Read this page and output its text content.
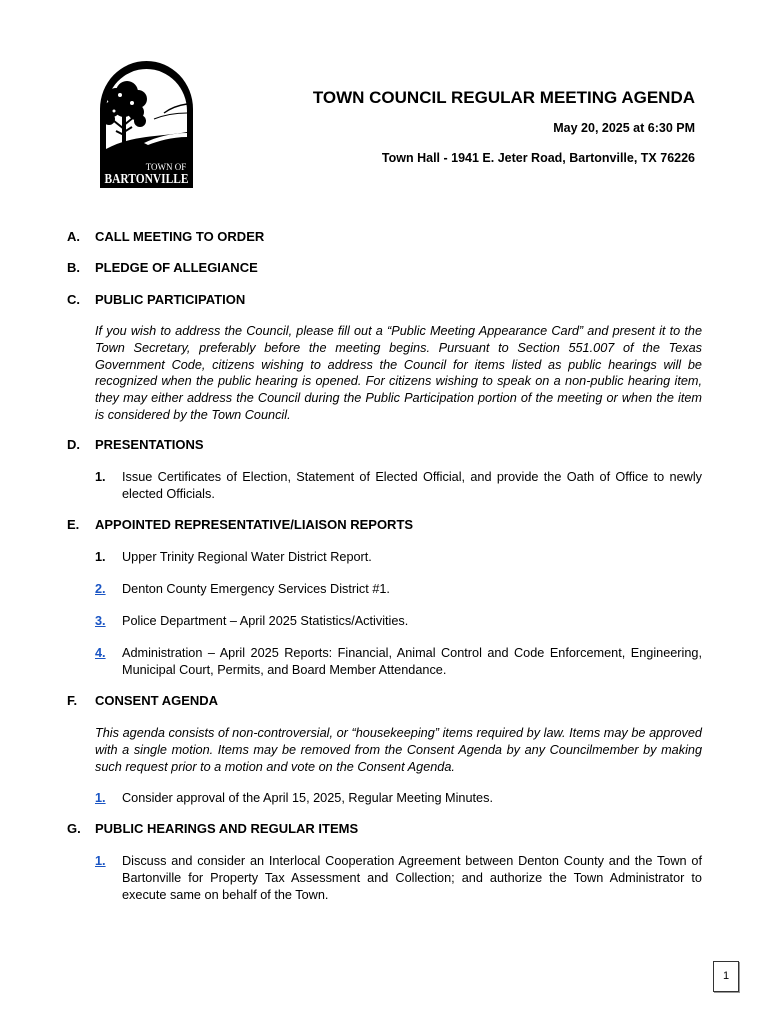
TOWN OF
BARTONVILLE
TOWN COUNCIL REGULAR MEETING AGENDA
May 20, 2025 at 6:30 PM
Town Hall - 1941 E. Jeter Road, Bartonville, TX 76226
A. CALL MEETING TO ORDER
B. PLEDGE OF ALLEGIANCE
C. PUBLIC PARTICIPATION

If you wish to address the Council, please fill out a “Public Meeting Appearance Card” and present it to the Town Secretary, preferably before the meeting begins. Pursuant to Section 551.007 of the Texas Government Code, citizens wishing to address the Council for items listed as public hearings will be recognized when the public hearing is opened. For citizens wishing to speak on a non-public hearing item, they may either address the Council during the Public Participation portion of the meeting or when the item is considered by the Town Council.

D. PRESENTATIONS
1. Issue Certificates of Election, Statement of Elected Official, and provide the Oath of Office to newly elected Officials.
E. APPOINTED REPRESENTATIVE/LIAISON REPORTS
1. Upper Trinity Regional Water District Report.
2. Denton County Emergency Services District #1.
3. Police Department – April 2025 Statistics/Activities.
4. Administration – April 2025 Reports: Financial, Animal Control and Code Enforcement, Engineering, Municipal Court, Permits, and Board Member Attendance.
F. CONSENT AGENDA

This agenda consists of non-controversial, or “housekeeping” items required by law. Items may be approved with a single motion. Items may be removed from the Consent Agenda by any Councilmember by making such request prior to a motion and vote on the Consent Agenda.

1. Consider approval of the April 15, 2025, Regular Meeting Minutes.
G. PUBLIC HEARINGS AND REGULAR ITEMS
1. Discuss and consider an Interlocal Cooperation Agreement between Denton County and the Town of Bartonville for Property Tax Assessment and Collection; and authorize the Town Administrator to execute same on behalf of the Town.
1
